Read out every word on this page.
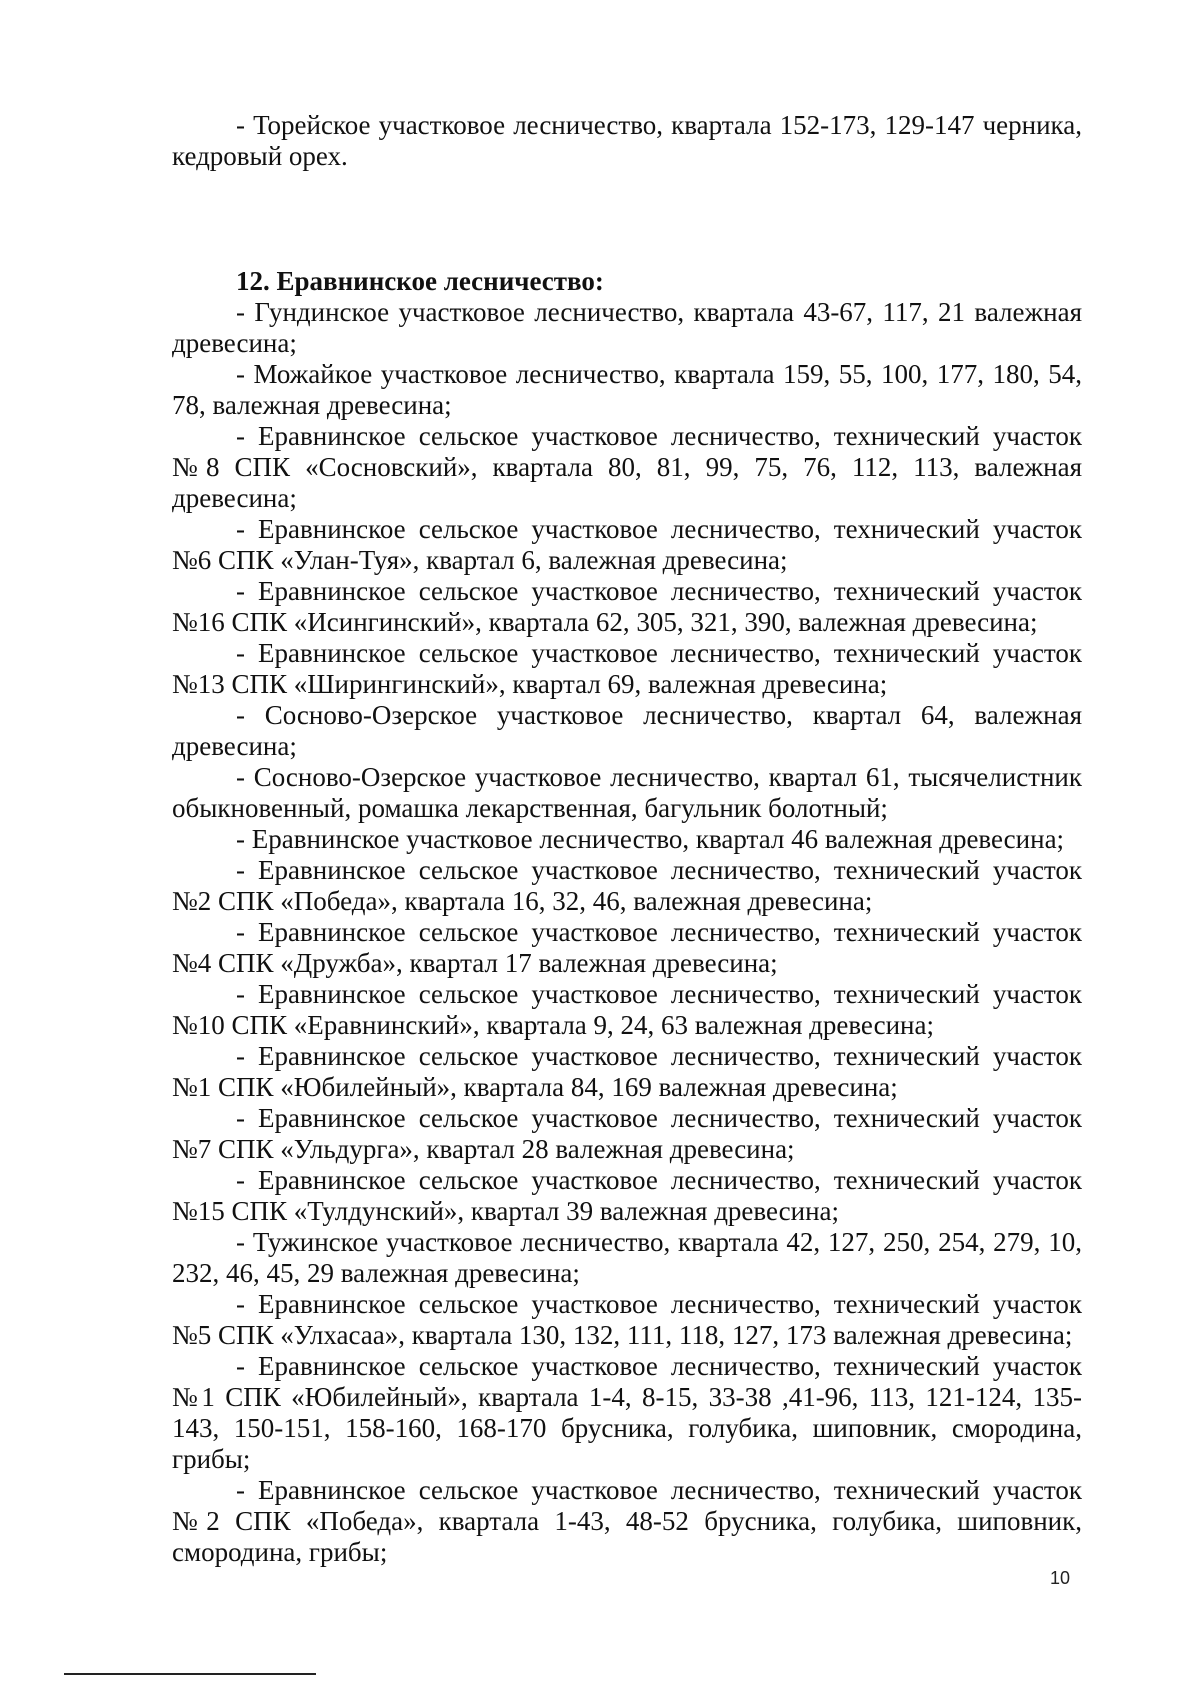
- Торейское участковое лесничество, квартала 152-173, 129-147 черника, кедровый орех.

12. Еравнинское лесничество:

- Гундинское участковое лесничество, квартала 43-67, 117, 21 валежная древесина;

- Можайкое участковое лесничество, квартала 159, 55, 100, 177, 180, 54, 78, валежная древесина;

- Еравнинское сельское участковое лесничество, технический участок №8 СПК «Сосновский», квартала 80, 81, 99, 75, 76, 112, 113, валежная древесина;

- Еравнинское сельское участковое лесничество, технический участок №6 СПК «Улан-Туя», квартал 6, валежная древесина;

- Еравнинское сельское участковое лесничество, технический участок №16 СПК «Исингинский», квартала 62, 305, 321, 390, валежная древесина;

- Еравнинское сельское участковое лесничество, технический участок №13 СПК «Ширингинский», квартал 69, валежная древесина;

- Сосново-Озерское участковое лесничество, квартал 64, валежная древесина;

- Сосново-Озерское участковое лесничество, квартал 61, тысячелистник обыкновенный, ромашка лекарственная, багульник болотный;

- Еравнинское участковое лесничество, квартал 46 валежная древесина;

- Еравнинское сельское участковое лесничество, технический участок №2 СПК «Победа», квартала 16, 32, 46, валежная древесина;

- Еравнинское сельское участковое лесничество, технический участок №4 СПК «Дружба», квартал 17 валежная древесина;

- Еравнинское сельское участковое лесничество, технический участок №10 СПК «Еравнинский», квартала 9, 24, 63 валежная древесина;

- Еравнинское сельское участковое лесничество, технический участок №1 СПК «Юбилейный», квартала 84, 169 валежная древесина;

- Еравнинское сельское участковое лесничество, технический участок №7 СПК «Ульдурга», квартал 28 валежная древесина;

- Еравнинское сельское участковое лесничество, технический участок №15 СПК «Тулдунский», квартал 39 валежная древесина;

- Тужинское участковое лесничество, квартала 42, 127, 250, 254, 279, 10, 232, 46, 45, 29 валежная древесина;

- Еравнинское сельское участковое лесничество, технический участок №5 СПК «Улхасаа», квартала 130, 132, 111, 118, 127, 173 валежная древесина;

- Еравнинское сельское участковое лесничество, технический участок №1 СПК «Юбилейный», квартала 1-4, 8-15, 33-38 ,41-96, 113, 121-124, 135-143, 150-151, 158-160, 168-170 брусника, голубика, шиповник, смородина, грибы;

- Еравнинское сельское участковое лесничество, технический участок №2 СПК «Победа», квартала 1-43, 48-52 брусника, голубика, шиповник, смородина, грибы;

10
